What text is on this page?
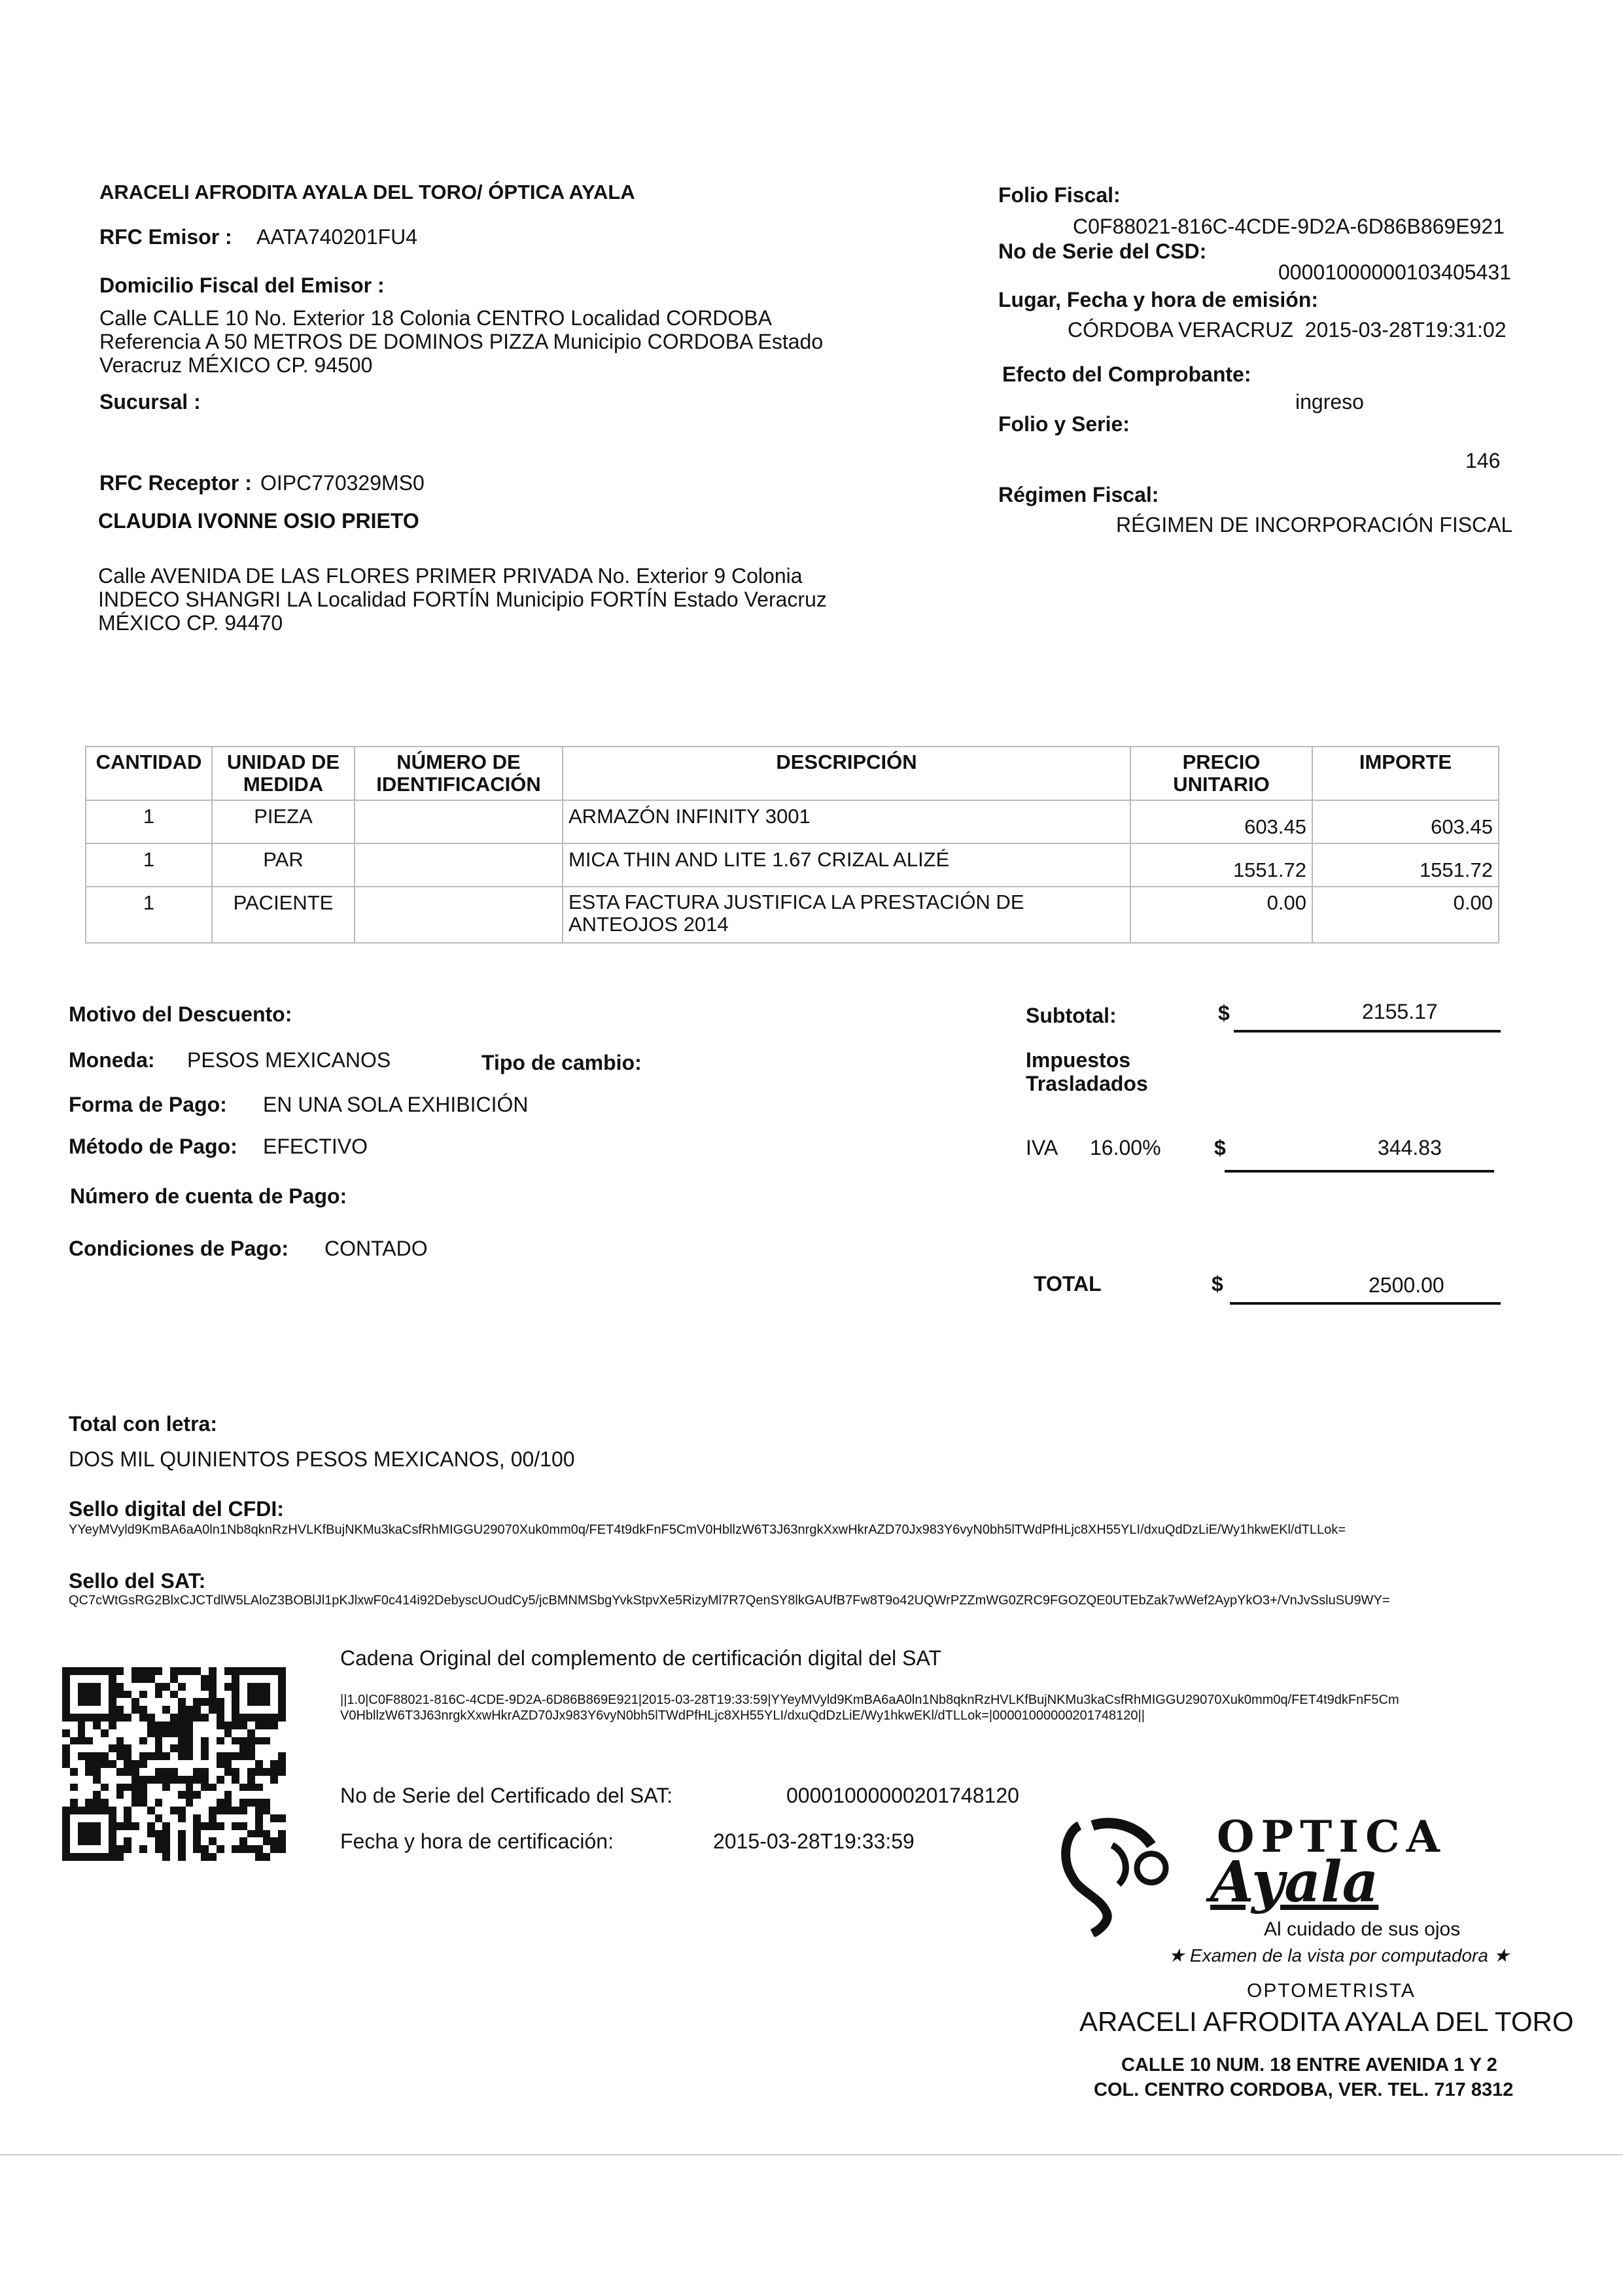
ARACELI AFRODITA AYALA DEL TORO/ ÓPTICA AYALA
RFC Emisor : AATA740201FU4
Domicilio Fiscal del Emisor :
Calle CALLE 10 No. Exterior 18 Colonia CENTRO Localidad CORDOBA Referencia A 50 METROS DE DOMINOS PIZZA Municipio CORDOBA Estado Veracruz MÉXICO CP. 94500
Sucursal :
RFC Receptor : OIPC770329MS0
CLAUDIA IVONNE OSIO PRIETO
Calle AVENIDA DE LAS FLORES PRIMER PRIVADA No. Exterior 9 Colonia INDECO SHANGRI LA Localidad FORTÍN Municipio FORTÍN Estado Veracruz MÉXICO CP. 94470
Folio Fiscal:
C0F88021-816C-4CDE-9D2A-6D86B869E921
No de Serie del CSD:
00001000000103405431
Lugar, Fecha y hora de emisión:
CÓRDOBA VERACRUZ  2015-03-28T19:31:02
Efecto del Comprobante:
ingreso
Folio y Serie:
146
Régimen Fiscal:
RÉGIMEN DE INCORPORACIÓN FISCAL
CANTIDAD	UNIDAD DE MEDIDA	NÚMERO DE IDENTIFICACIÓN	DESCRIPCIÓN	PRECIO UNITARIO	IMPORTE
1	PIEZA		ARMAZÓN INFINITY 3001	603.45	603.45
1	PAR		MICA THIN AND LITE 1.67 CRIZAL ALIZÉ	1551.72	1551.72
1	PACIENTE		ESTA FACTURA JUSTIFICA LA PRESTACIÓN DE ANTEOJOS 2014	0.00	0.00
Motivo del Descuento:
Moneda: PESOS MEXICANOS	Tipo de cambio:
Forma de Pago: EN UNA SOLA EXHIBICIÓN
Método de Pago: EFECTIVO
Número de cuenta de Pago:
Condiciones de Pago: CONTADO
Subtotal:	$	2155.17
Impuestos Trasladados
IVA 16.00%	$	344.83
TOTAL	$	2500.00
Total con letra:
DOS MIL QUINIENTOS PESOS MEXICANOS, 00/100
Sello digital del CFDI:
YYeyMVyld9KmBA6aA0ln1Nb8qknRzHVLKfBujNKMu3kaCsfRhMIGGU29070Xuk0mm0q/FET4t9dkFnF5CmV0HbllzW6T3J63nrgkXxwHkrAZD70Jx983Y6vyN0bh5lTWdPfHLjc8XH55YLI/dxuQdDzLiE/Wy1hkwEKl/dTLLok=
Sello del SAT:
QC7cWtGsRG2BlxCJCTdlW5LAloZ3BOBlJl1pKJlxwF0c414i92DebyscUOudCy5/jcBMNMSbgYvkStpvXe5RizyMl7R7QenSY8lkGAUfB7Fw8T9o42UQWrPZZmWG0ZRC9FGOZQE0UTEbZak7wWef2AypYkO3+/VnJvSsluSU9WY=
Cadena Original del complemento de certificación digital del SAT
||1.0|C0F88021-816C-4CDE-9D2A-6D86B869E921|2015-03-28T19:33:59|YYeyMVyld9KmBA6aA0ln1Nb8qknRzHVLKfBujNKMu3kaCsfRhMIGGU29070Xuk0mm0q/FET4t9dkFnF5CmV0HbllzW6T3J63nrgkXxwHkrAZD70Jx983Y6vyN0bh5lTWdPfHLjc8XH55YLI/dxuQdDzLiE/Wy1hkwEKl/dTLLok=|00001000000201748120||
No de Serie del Certificado del SAT:	00001000000201748120
Fecha y hora de certificación:	2015-03-28T19:33:59	OPTICA
Ayala
Al cuidado de sus ojos
★ Examen de la vista por computadora ★
OPTOMETRISTA
ARACELI AFRODITA AYALA DEL TORO
CALLE 10 NUM. 18 ENTRE AVENIDA 1 Y 2
COL. CENTRO CORDOBA, VER. TEL. 717 8312
